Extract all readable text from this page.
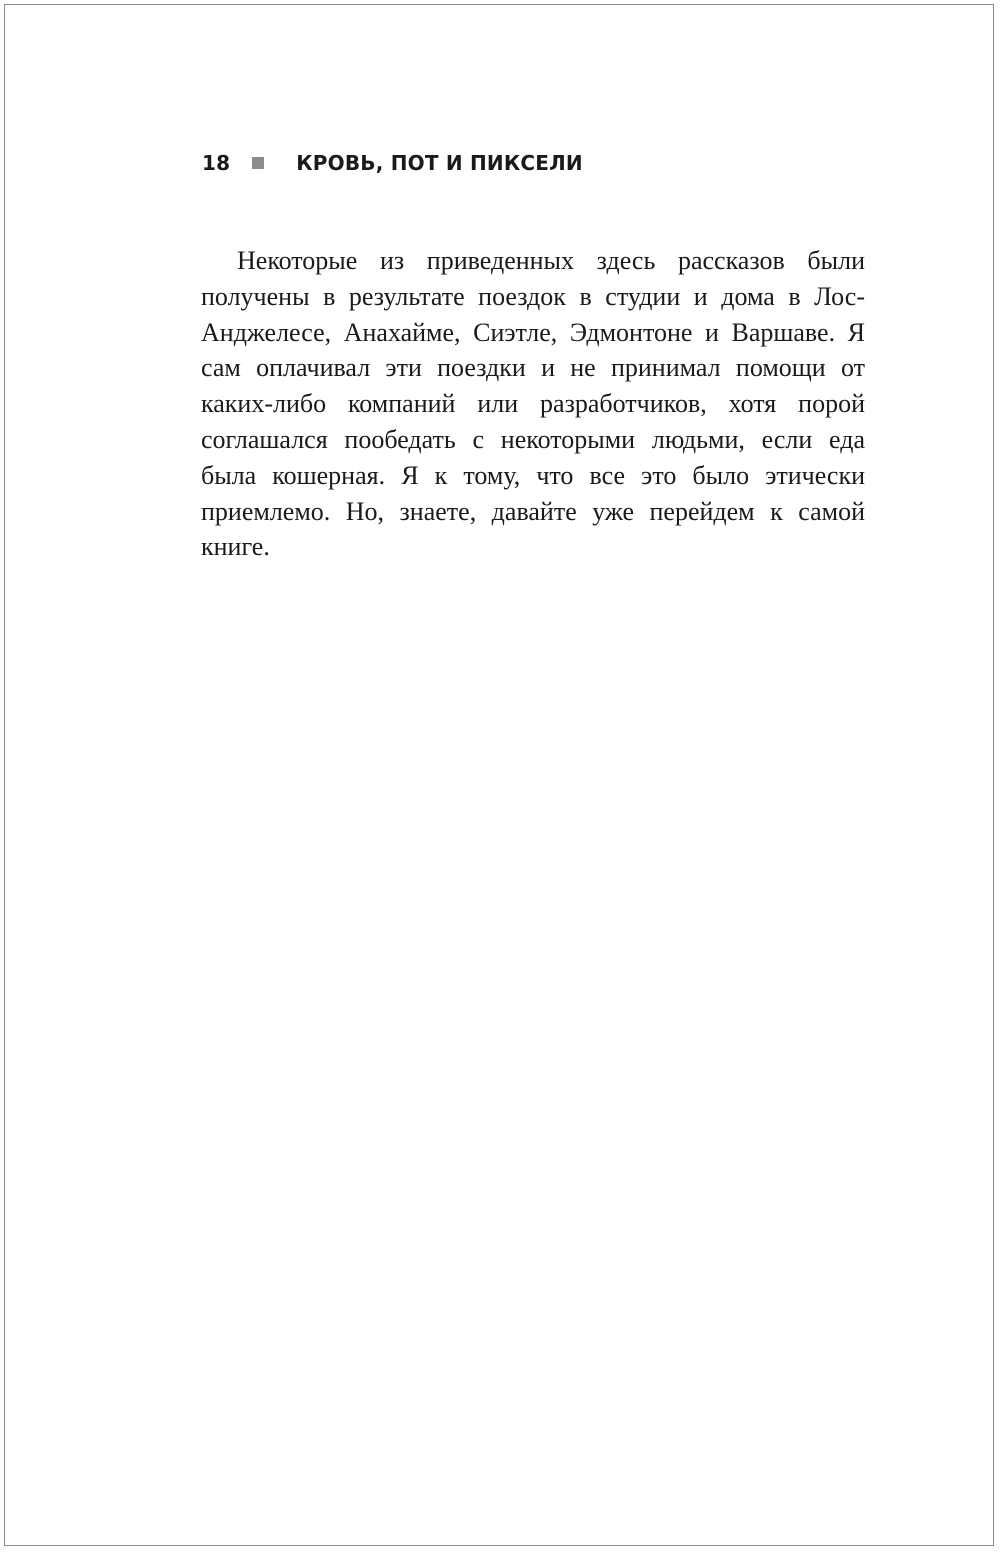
18	КРОВЬ, ПОТ И ПИКСЕЛИ

Некоторые из приведенных здесь рассказов были получены в результате поездок в студии и дома в Лос-Анджелесе, Анахайме, Сиэтле, Эдмонтоне и Варшаве. Я сам оплачивал эти поездки и не принимал помощи от каких-либо компаний или разработчиков, хотя порой соглашался пообедать с некоторыми людьми, если еда была кошерная. Я к тому, что все это было этически приемлемо. Но, знаете, давайте уже перейдем к самой книге.
